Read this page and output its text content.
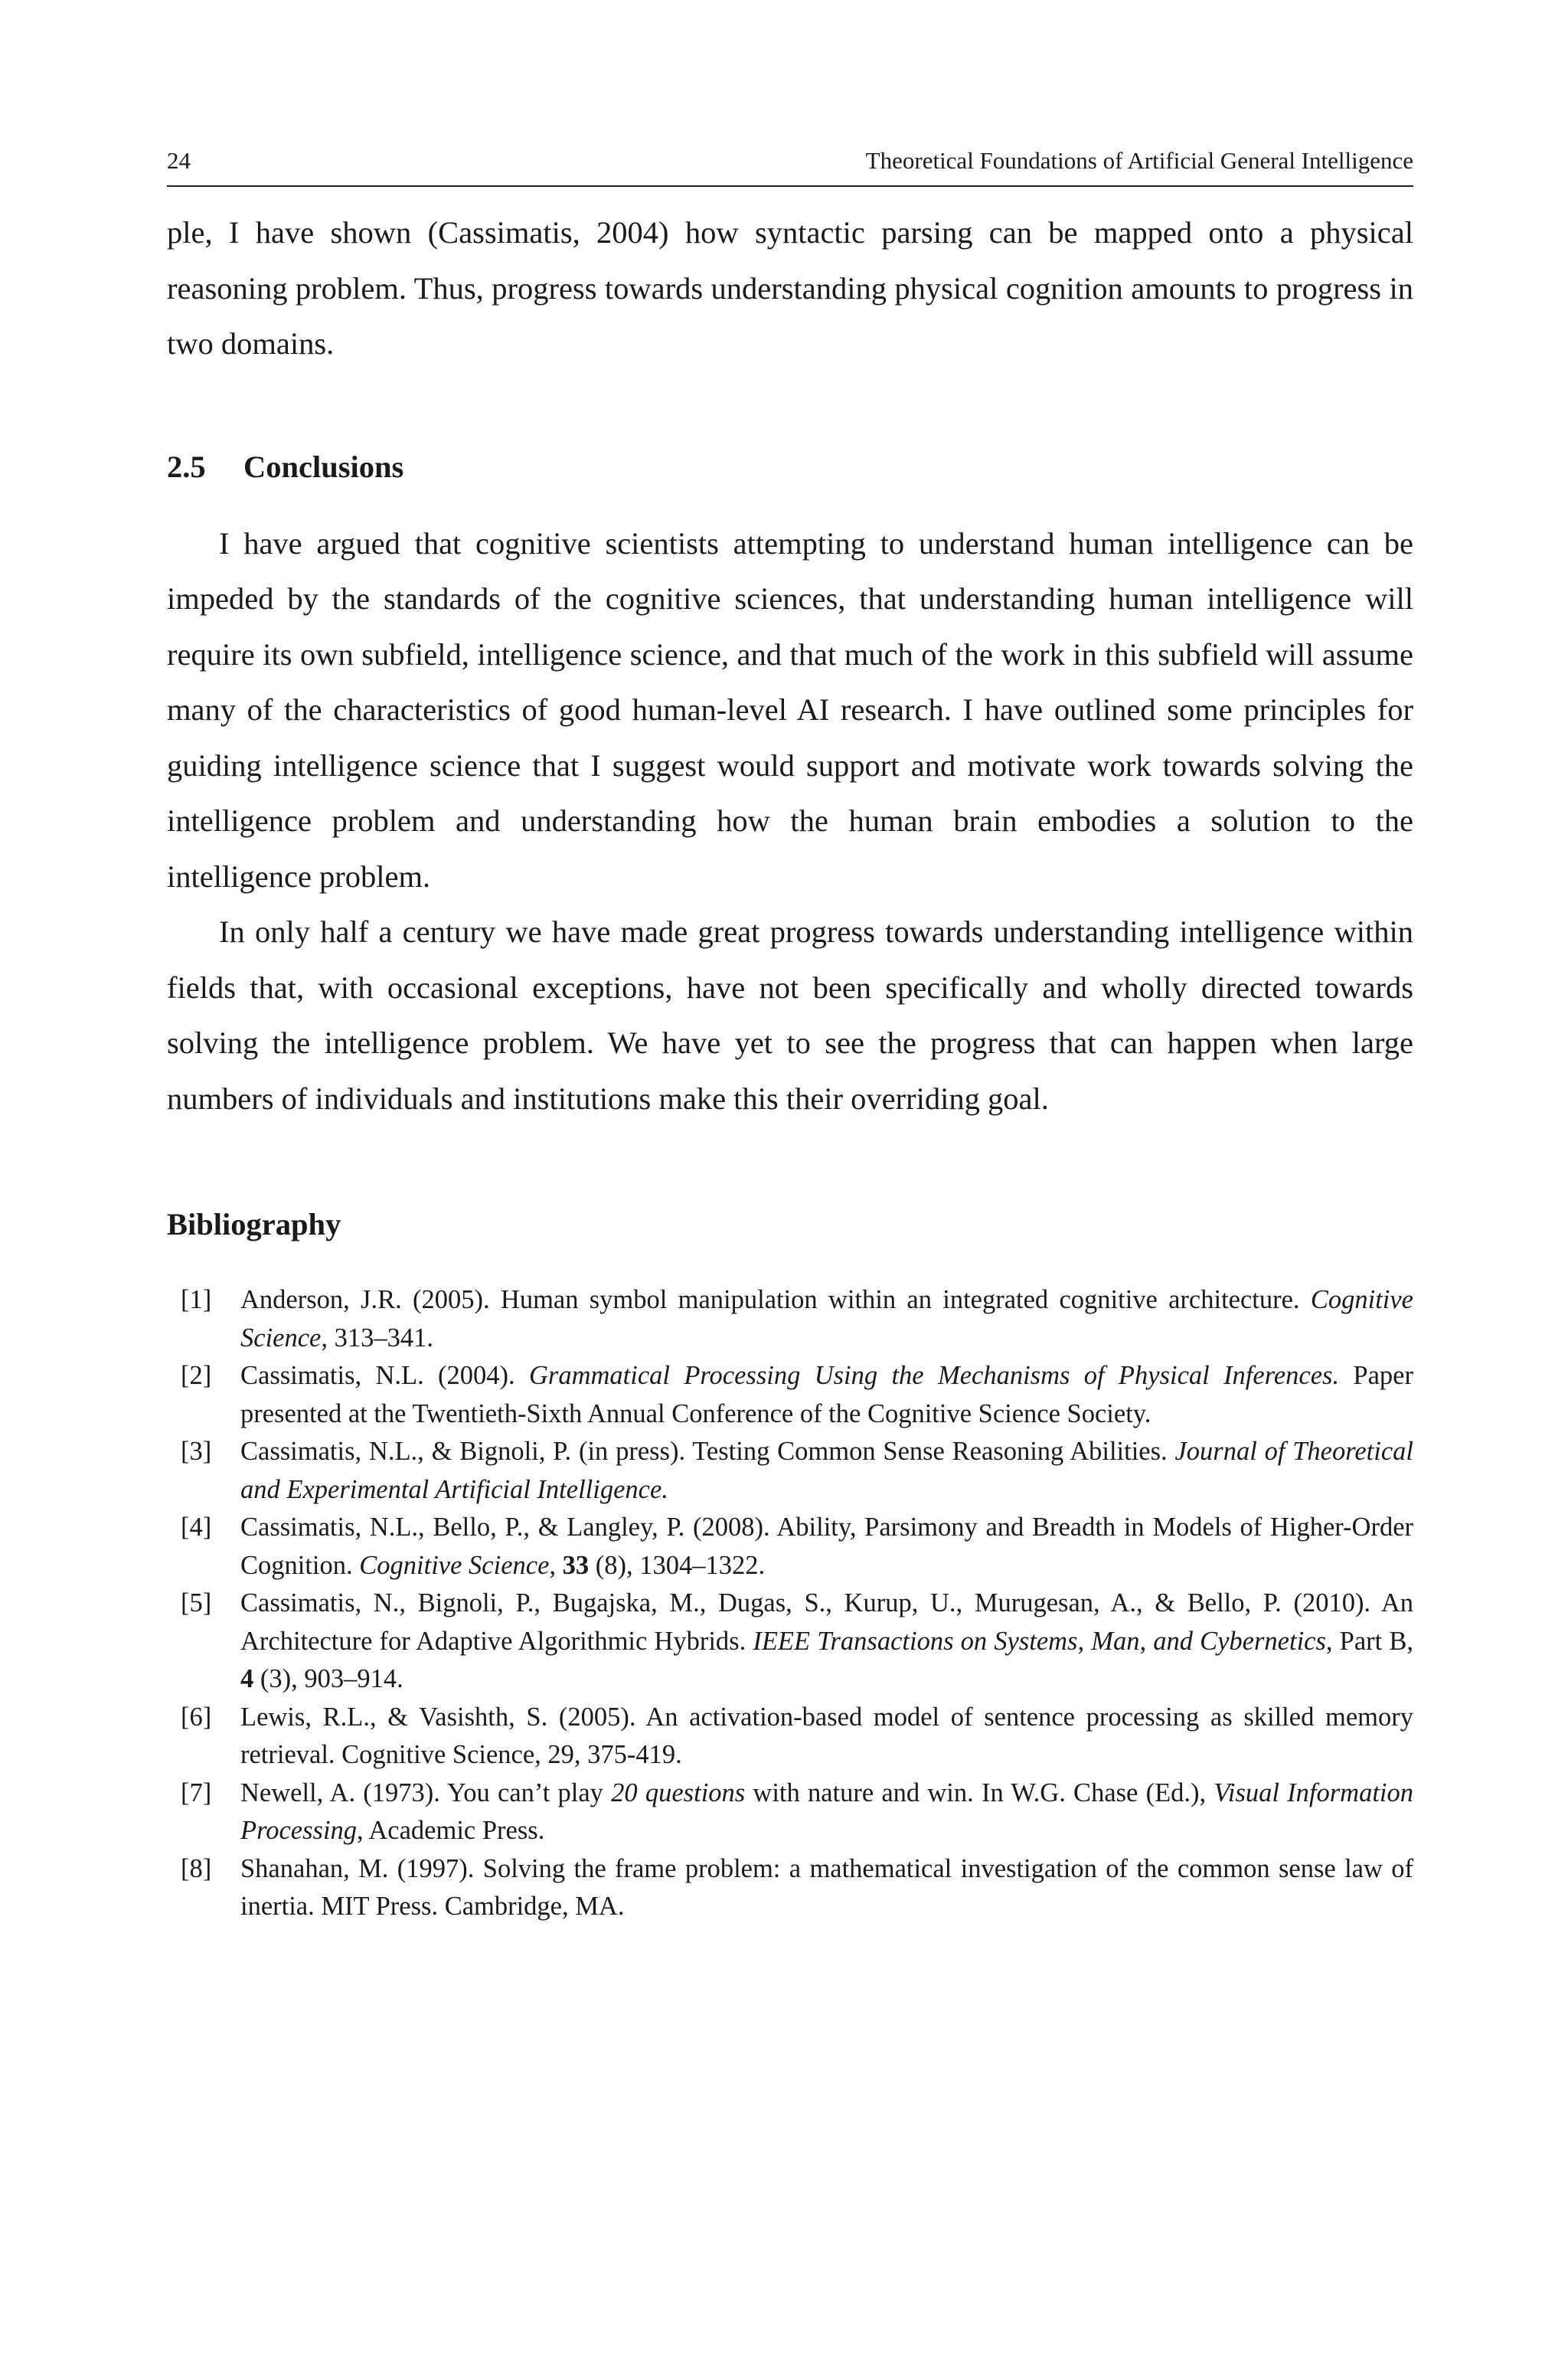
24	Theoretical Foundations of Artificial General Intelligence

ple, I have shown (Cassimatis, 2004) how syntactic parsing can be mapped onto a physical reasoning problem. Thus, progress towards understanding physical cognition amounts to progress in two domains.

2.5 Conclusions

I have argued that cognitive scientists attempting to understand human intelligence can be impeded by the standards of the cognitive sciences, that understanding human intelligence will require its own subfield, intelligence science, and that much of the work in this subfield will assume many of the characteristics of good human-level AI research. I have outlined some principles for guiding intelligence science that I suggest would support and motivate work towards solving the intelligence problem and understanding how the human brain embodies a solution to the intelligence problem.

In only half a century we have made great progress towards understanding intelligence within fields that, with occasional exceptions, have not been specifically and wholly directed towards solving the intelligence problem. We have yet to see the progress that can happen when large numbers of individuals and institutions make this their overriding goal.

Bibliography
[1]	Anderson, J.R. (2005). Human symbol manipulation within an integrated cognitive architecture. Cognitive Science, 313–341.
[2]	Cassimatis, N.L. (2004). Grammatical Processing Using the Mechanisms of Physical Inferences. Paper presented at the Twentieth-Sixth Annual Conference of the Cognitive Science Society.
[3]	Cassimatis, N.L., & Bignoli, P. (in press). Testing Common Sense Reasoning Abilities. Journal of Theoretical and Experimental Artificial Intelligence.
[4]	Cassimatis, N.L., Bello, P., & Langley, P. (2008). Ability, Parsimony and Breadth in Models of Higher-Order Cognition. Cognitive Science, 33 (8), 1304–1322.
[5]	Cassimatis, N., Bignoli, P., Bugajska, M., Dugas, S., Kurup, U., Murugesan, A., & Bello, P. (2010). An Architecture for Adaptive Algorithmic Hybrids. IEEE Transactions on Systems, Man, and Cybernetics, Part B, 4 (3), 903–914.
[6]	Lewis, R.L., & Vasishth, S. (2005). An activation-based model of sentence processing as skilled memory retrieval. Cognitive Science, 29, 375-419.
[7]	Newell, A. (1973). You can’t play 20 questions with nature and win. In W.G. Chase (Ed.), Visual Information Processing, Academic Press.
[8]	Shanahan, M. (1997). Solving the frame problem: a mathematical investigation of the common sense law of inertia. MIT Press. Cambridge, MA.
